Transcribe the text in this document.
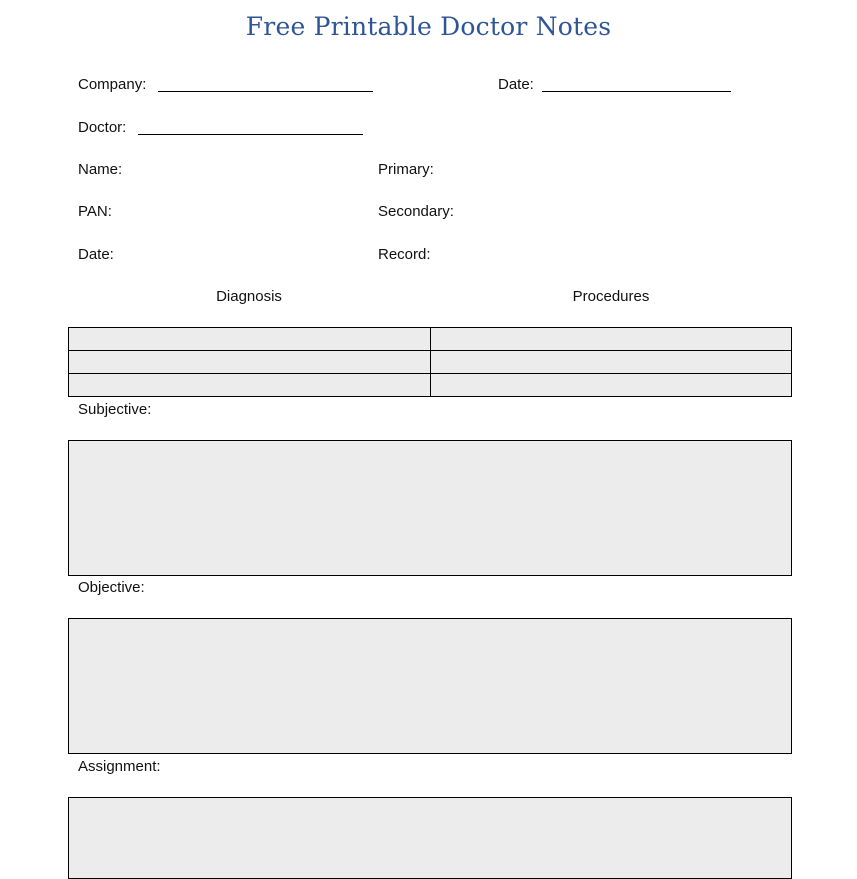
Free Printable Doctor Notes
Company:	Date:
Doctor:
Name:	Primary:
PAN:	Secondary:
Date:	Record:
Diagnosis	Procedures

Subjective:
Objective:
Assignment:
